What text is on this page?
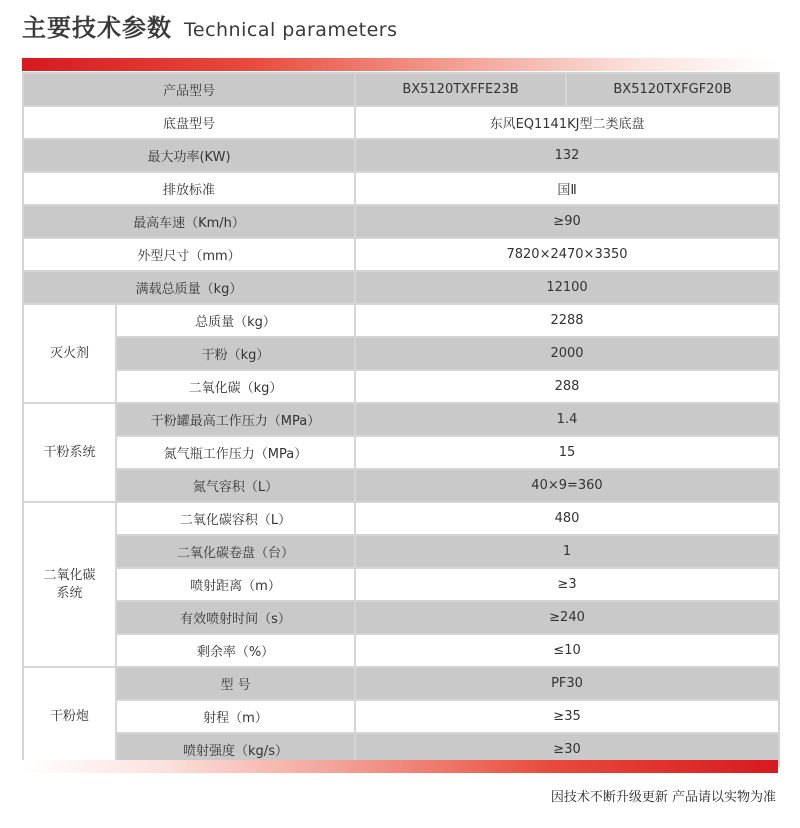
主要技术参数 Technical parameters
产品型号		BX5120TXFFE23B	BX5120TXFGF20B
底盘型号		东风EQ1141KJ型二类底盘	
最大功率(KW)		132	
排放标准		国Ⅱ	
最高车速（Km/h）		≥90	
外型尺寸（mm）		7820×2470×3350	
满载总质量（kg）		12100	
灭火剂	总质量（kg）	2288	
	干粉（kg）	2000	
	二氧化碳（kg）	288	
干粉系统	干粉罐最高工作压力（MPa）	1.4	
	氮气瓶工作压力（MPa）	15	
	氮气容积（L）	40×9=360	
二氧化碳
系统	二氧化碳容积（L）	480	
	二氧化碳卷盘（台）	1	
	喷射距离（m）	≥3	
	有效喷射时间（s）	≥240	
	剩余率（%）	≤10	
干粉炮	型 号	PF30	
	射程（m）	≥35	
	喷射强度（kg/s）	≥30	
因技术不断升级更新 产品请以实物为准
